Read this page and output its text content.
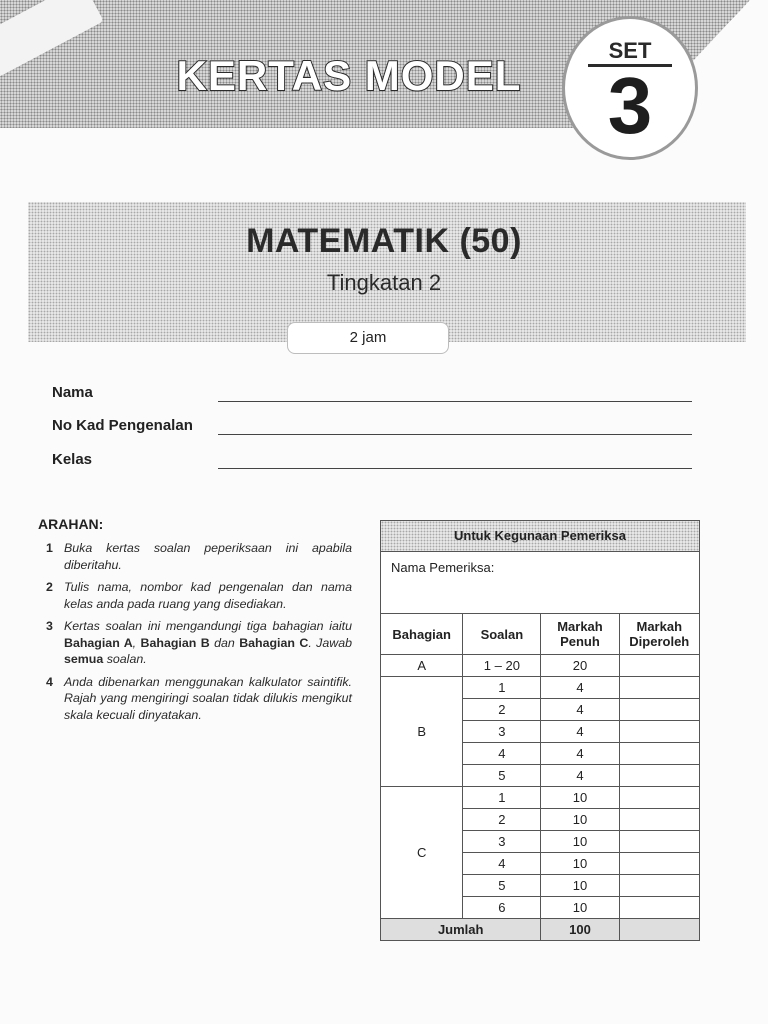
KERTAS MODEL
SET
3
MATEMATIK (50)
Tingkatan 2
2 jam
Nama
No Kad Pengenalan
Kelas
ARAHAN:
1 Buka kertas soalan peperiksaan ini apabila diberitahu.
2 Tulis nama, nombor kad pengenalan dan nama kelas anda pada ruang yang disediakan.
3 Kertas soalan ini mengandungi tiga bahagian iaitu Bahagian A, Bahagian B dan Bahagian C. Jawab semua soalan.
4 Anda dibenarkan menggunakan kalkulator saintifik. Rajah yang mengiringi soalan tidak dilukis mengikut skala kecuali dinyatakan.
Untuk Kegunaan Pemeriksa
Nama Pemeriksa:
Bahagian	Soalan	Markah Penuh	Markah Diperoleh
A	1 – 20	20	
B	1	4	
	2	4	
	3	4	
	4	4	
	5	4	
C	1	10	
	2	10	
	3	10	
	4	10	
	5	10	
	6	10	
Jumlah		100	
